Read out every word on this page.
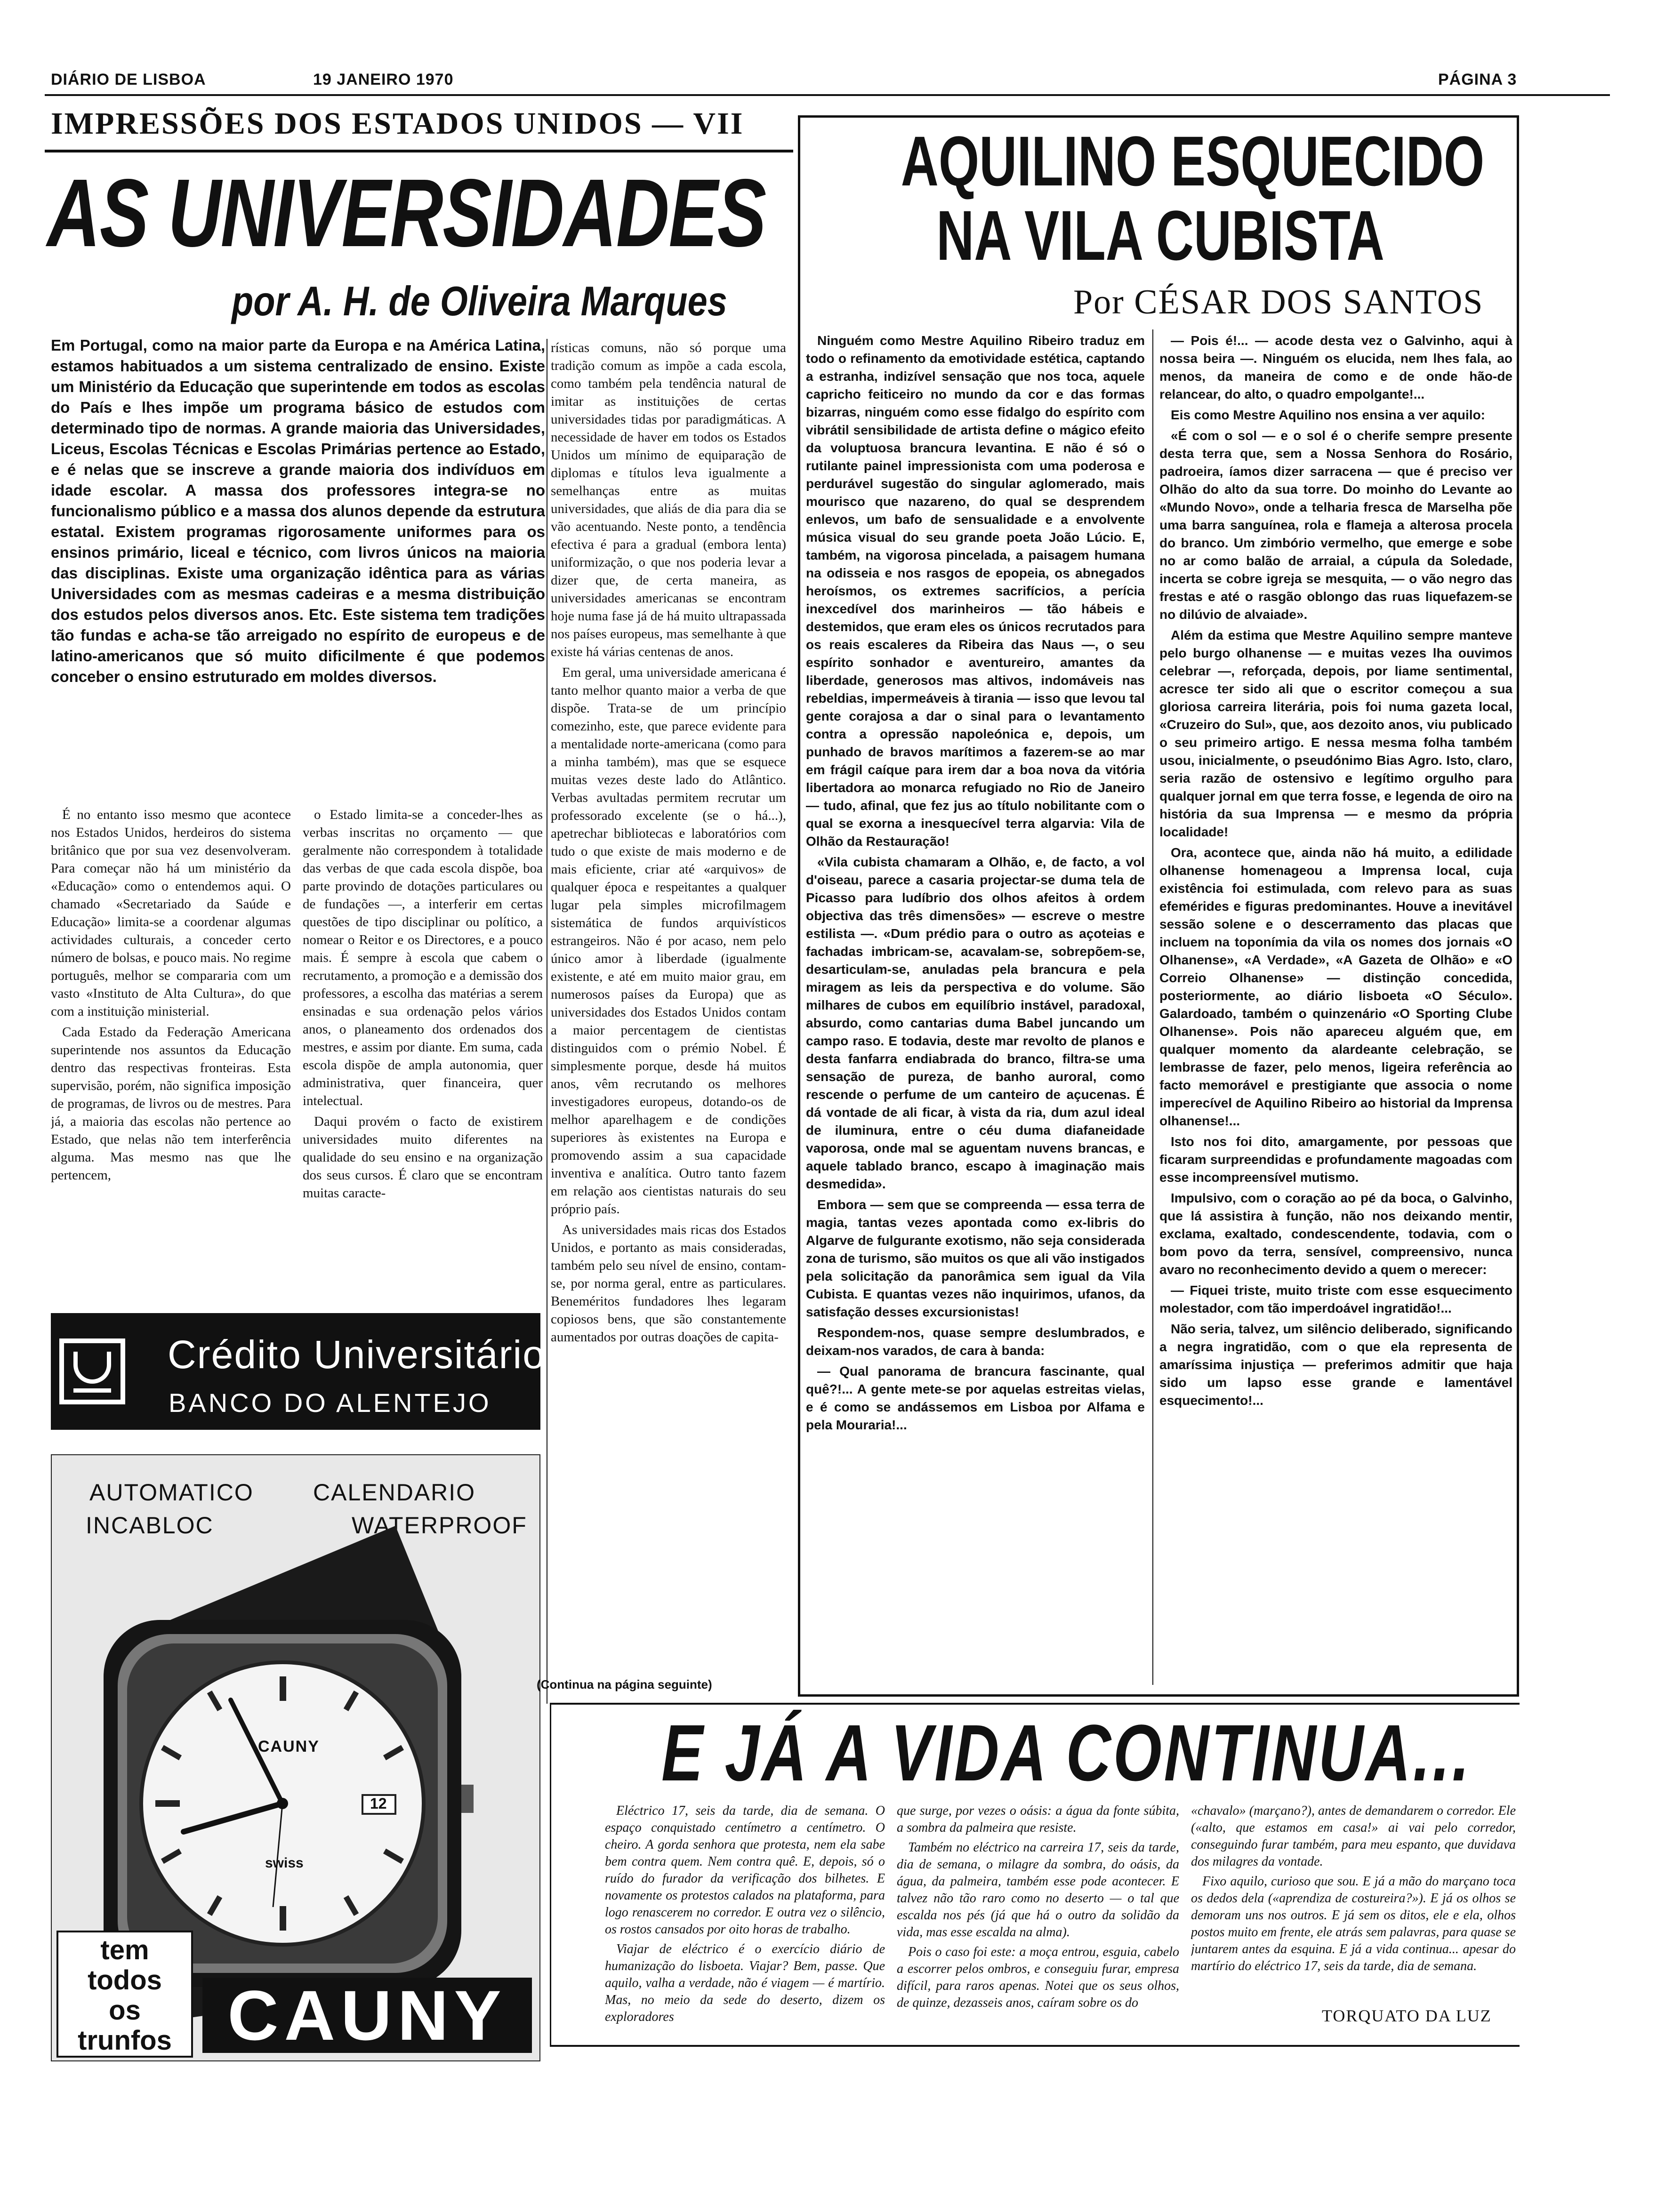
DIÁRIO DE LISBOA	19 JANEIRO 1970	PÁGINA 3
IMPRESSÕES DOS ESTADOS UNIDOS — VII
AS UNIVERSIDADES
por A. H. de Oliveira Marques
Em Portugal, como na maior parte da Europa e na América Latina, estamos habituados a um sistema centralizado de ensino. Existe um Ministério da Educação que superintende em todos as escolas do País e lhes impõe um programa básico de estudos com determinado tipo de normas. A grande maioria das Universidades, Liceus, Escolas Técnicas e Escolas Primárias pertence ao Estado, e é nelas que se inscreve a grande maioria dos indivíduos em idade escolar. A massa dos professores integra-se no funcionalismo público e a massa dos alunos depende da estrutura estatal. Existem programas rigorosamente uniformes para os ensinos primário, liceal e técnico, com livros únicos na maioria das disciplinas. Existe uma organização idêntica para as várias Universidades com as mesmas cadeiras e a mesma distribuição dos estudos pelos diversos anos. Etc. Este sistema tem tradições tão fundas e acha-se tão arreigado no espírito de europeus e de latino-americanos que só muito dificilmente é que podemos conceber o ensino estruturado em moldes diversos.

É no entanto isso mesmo que acontece nos Estados Unidos, herdeiros do sistema britânico que por sua vez desenvolveram. Para começar não há um ministério da «Educação» como o entendemos aqui. O chamado «Secretariado da Saúde e Educação» limita-se a coordenar algumas actividades culturais, a conceder certo número de bolsas, e pouco mais. No regime português, melhor se compararia com um vasto «Instituto de Alta Cultura», do que com a instituição ministerial.

Cada Estado da Federação Americana superintende nos assuntos da Educação dentro das respectivas fronteiras. Esta supervisão, porém, não significa imposição de programas, de livros ou de mestres. Para já, a maioria das escolas não pertence ao Estado, que nelas não tem interferência alguma. Mas mesmo nas que lhe pertencem,

o Estado limita-se a conceder-lhes as verbas inscritas no orçamento — que geralmente não correspondem à totalidade das verbas de que cada escola dispõe, boa parte provindo de dotações particulares ou de fundações —, a interferir em certas questões de tipo disciplinar ou político, a nomear o Reitor e os Directores, e a pouco mais. É sempre à escola que cabem o recrutamento, a promoção e a demissão dos professores, a escolha das matérias a serem ensinadas e sua ordenação pelos vários anos, o planeamento dos ordenados dos mestres, e assim por diante. Em suma, cada escola dispõe de ampla autonomia, quer administrativa, quer financeira, quer intelectual.

Daqui provém o facto de existirem universidades muito diferentes na qualidade do seu ensino e na organização dos seus cursos. É claro que se encontram muitas caracte-

rísticas comuns, não só porque uma tradição comum as impõe a cada escola, como também pela tendência natural de imitar as instituições de certas universidades tidas por paradigmáticas. A necessidade de haver em todos os Estados Unidos um mínimo de equiparação de diplomas e títulos leva igualmente a semelhanças entre as muitas universidades, que aliás de dia para dia se vão acentuando. Neste ponto, a tendência efectiva é para a gradual (embora lenta) uniformização, o que nos poderia levar a dizer que, de certa maneira, as universidades americanas se encontram hoje numa fase já de há muito ultrapassada nos países europeus, mas semelhante à que existe há várias centenas de anos.

Em geral, uma universidade americana é tanto melhor quanto maior a verba de que dispõe. Trata-se de um princípio comezinho, este, que parece evidente para a mentalidade norte-americana (como para a minha também), mas que se esquece muitas vezes deste lado do Atlântico. Verbas avultadas permitem recrutar um professorado excelente (se o há...), apetrechar bibliotecas e laboratórios com tudo o que existe de mais moderno e de mais eficiente, criar até «arquivos» de qualquer época e respeitantes a qualquer lugar pela simples microfilmagem sistemática de fundos arquivísticos estrangeiros. Não é por acaso, nem pelo único amor à liberdade (igualmente existente, e até em muito maior grau, em numerosos países da Europa) que as universidades dos Estados Unidos contam a maior percentagem de cientistas distinguidos com o prémio Nobel. É simplesmente porque, desde há muitos anos, vêm recrutando os melhores investigadores europeus, dotando-os de melhor aparelhagem e de condições superiores às existentes na Europa e promovendo assim a sua capacidade inventiva e analítica. Outro tanto fazem em relação aos cientistas naturais do seu próprio país.

As universidades mais ricas dos Estados Unidos, e portanto as mais consideradas, também pelo seu nível de ensino, contam-se, por norma geral, entre as particulares. Beneméritos fundadores lhes legaram copiosos bens, que são constantemente aumentados por outras doações de capita-

Crédito Universitário
BANCO DO ALENTEJO
AUTOMATICO	CALENDARIO
INCABLOC	WATERPROOF
CAUNY
swiss
12
tem
todos
os
trunfos CAUNY
AQUILINO ESQUECIDO
NA VILA CUBISTA
Por CÉSAR DOS SANTOS

Ninguém como Mestre Aquilino Ribeiro traduz em todo o refinamento da emotividade estética, captando a estranha, indizível sensação que nos toca, aquele capricho feiticeiro no mundo da cor e das formas bizarras, ninguém como esse fidalgo do espírito com vibrátil sensibilidade de artista define o mágico efeito da voluptuosa brancura levantina. E não é só o rutilante painel impressionista com uma poderosa e perdurável sugestão do singular aglomerado, mais mourisco que nazareno, do qual se desprendem enlevos, um bafo de sensualidade e a envolvente música visual do seu grande poeta João Lúcio. E, também, na vigorosa pincelada, a paisagem humana na odisseia e nos rasgos de epopeia, os abnegados heroísmos, os extremes sacrifícios, a perícia inexcedível dos marinheiros — tão hábeis e destemidos, que eram eles os únicos recrutados para os reais escaleres da Ribeira das Naus —, o seu espírito sonhador e aventureiro, amantes da liberdade, generosos mas altivos, indomáveis nas rebeldias, impermeáveis à tirania — isso que levou tal gente corajosa a dar o sinal para o levantamento contra a opressão napoleónica e, depois, um punhado de bravos marítimos a fazerem-se ao mar em frágil caíque para irem dar a boa nova da vitória libertadora ao monarca refugiado no Rio de Janeiro — tudo, afinal, que fez jus ao título nobilitante com o qual se exorna a inesquecível terra algarvia: Vila de Olhão da Restauração!

«Vila cubista chamaram a Olhão, e, de facto, a vol d'oiseau, parece a casaria projectar-se duma tela de Picasso para ludíbrio dos olhos afeitos à ordem objectiva das três dimensões» — escreve o mestre estilista —. «Dum prédio para o outro as açoteias e fachadas imbricam-se, acavalam-se, sobrepõem-se, desarticulam-se, anuladas pela brancura e pela miragem as leis da perspectiva e do volume. São milhares de cubos em equilíbrio instável, paradoxal, absurdo, como cantarias duma Babel juncando um campo raso. E todavia, deste mar revolto de planos e desta fanfarra endiabrada do branco, filtra-se uma sensação de pureza, de banho auroral, como rescende o perfume de um canteiro de açucenas. É dá vontade de ali ficar, à vista da ria, dum azul ideal de iluminura, entre o céu duma diafaneidade vaporosa, onde mal se aguentam nuvens brancas, e aquele tablado branco, escapo à imaginação mais desmedida».

Embora — sem que se compreenda — essa terra de magia, tantas vezes apontada como ex-libris do Algarve de fulgurante exotismo, não seja considerada zona de turismo, são muitos os que ali vão instigados pela solicitação da panorâmica sem igual da Vila Cubista. E quantas vezes não inquirimos, ufanos, da satisfação desses excursionistas!

Respondem-nos, quase sempre deslumbrados, e deixam-nos varados, de cara à banda:

— Qual panorama de brancura fascinante, qual quê?!... A gente mete-se por aquelas estreitas vielas, e é como se andássemos em Lisboa por Alfama e pela Mouraria!...

(Continua na página seguinte)

— Pois é!... — acode desta vez o Galvinho, aqui à nossa beira —. Ninguém os elucida, nem lhes fala, ao menos, da maneira de como e de onde hão-de relancear, do alto, o quadro empolgante!...

Eis como Mestre Aquilino nos ensina a ver aquilo:

«É com o sol — e o sol é o cherife sempre presente desta terra que, sem a Nossa Senhora do Rosário, padroeira, íamos dizer sarracena — que é preciso ver Olhão do alto da sua torre. Do moinho do Levante ao «Mundo Novo», onde a telharia fresca de Marselha põe uma barra sanguínea, rola e flameja a alterosa procela do branco. Um zimbório vermelho, que emerge e sobe no ar como balão de arraial, a cúpula da Soledade, incerta se cobre igreja se mesquita, — o vão negro das frestas e até o rasgão oblongo das ruas liquefazem-se no dilúvio de alvaiade».

Além da estima que Mestre Aquilino sempre manteve pelo burgo olhanense — e muitas vezes lha ouvimos celebrar —, reforçada, depois, por liame sentimental, acresce ter sido ali que o escritor começou a sua gloriosa carreira literária, pois foi numa gazeta local, «Cruzeiro do Sul», que, aos dezoito anos, viu publicado o seu primeiro artigo. E nessa mesma folha também usou, inicialmente, o pseudónimo Bias Agro. Isto, claro, seria razão de ostensivo e legítimo orgulho para qualquer jornal em que terra fosse, e legenda de oiro na história da sua Imprensa — e mesmo da própria localidade!

Ora, acontece que, ainda não há muito, a edilidade olhanense homenageou a Imprensa local, cuja existência foi estimulada, com relevo para as suas efemérides e figuras predominantes. Houve a inevitável sessão solene e o descerramento das placas que incluem na toponímia da vila os nomes dos jornais «O Olhanense», «A Verdade», «A Gazeta de Olhão» e «O Correio Olhanense» — distinção concedida, posteriormente, ao diário lisboeta «O Século». Galardoado, também o quinzenário «O Sporting Clube Olhanense». Pois não apareceu alguém que, em qualquer momento da alardeante celebração, se lembrasse de fazer, pelo menos, ligeira referência ao facto memorável e prestigiante que associa o nome imperecível de Aquilino Ribeiro ao historial da Imprensa olhanense!...

Isto nos foi dito, amargamente, por pessoas que ficaram surpreendidas e profundamente magoadas com esse incompreensível mutismo.

Impulsivo, com o coração ao pé da boca, o Galvinho, que lá assistira à função, não nos deixando mentir, exclama, exaltado, condescendente, todavia, com o bom povo da terra, sensível, compreensivo, nunca avaro no reconhecimento devido a quem o merecer:

— Fiquei triste, muito triste com esse esquecimento molestador, com tão imperdoável ingratidão!...

Não seria, talvez, um silêncio deliberado, significando a negra ingratidão, com o que ela representa de amaríssima injustiça — preferimos admitir que haja sido um lapso esse grande e lamentável esquecimento!...

E JÁ A VIDA CONTINUA...

Eléctrico 17, seis da tarde, dia de semana. O espaço conquistado centímetro a centímetro. O cheiro. A gorda senhora que protesta, nem ela sabe bem contra quem. Nem contra quê. E, depois, só o ruído do furador da verificação dos bilhetes. E novamente os protestos calados na plataforma, para logo renascerem no corredor. E outra vez o silêncio, os rostos cansados por oito horas de trabalho.

Viajar de eléctrico é o exercício diário de humanização do lisboeta. Viajar? Bem, passe. Que aquilo, valha a verdade, não é viagem — é martírio. Mas, no meio da sede do deserto, dizem os exploradores

que surge, por vezes o oásis: a água da fonte súbita, a sombra da palmeira que resiste.

Também no eléctrico na carreira 17, seis da tarde, dia de semana, o milagre da sombra, do oásis, da água, da palmeira, também esse pode acontecer. E talvez não tão raro como no deserto — o tal que escalda nos pés (já que há o outro da solidão da vida, mas esse escalda na alma).

Pois o caso foi este: a moça entrou, esguia, cabelo a escorrer pelos ombros, e conseguiu furar, empresa difícil, para raros apenas. Notei que os seus olhos, de quinze, dezasseis anos, caíram sobre os do

«chavalo» (marçano?), antes de demandarem o corredor. Ele («alto, que estamos em casa!» ai vai pelo corredor, conseguindo furar também, para meu espanto, que duvidava dos milagres da vontade.

Fixo aquilo, curioso que sou. E já a mão do marçano toca os dedos dela («aprendiza de costureira?»). E já os olhos se demoram uns nos outros. E já sem os ditos, ele e ela, olhos postos muito em frente, ele atrás sem palavras, para quase se juntarem antes da esquina. E já a vida continua... apesar do martírio do eléctrico 17, seis da tarde, dia de semana.

TORQUATO DA LUZ
